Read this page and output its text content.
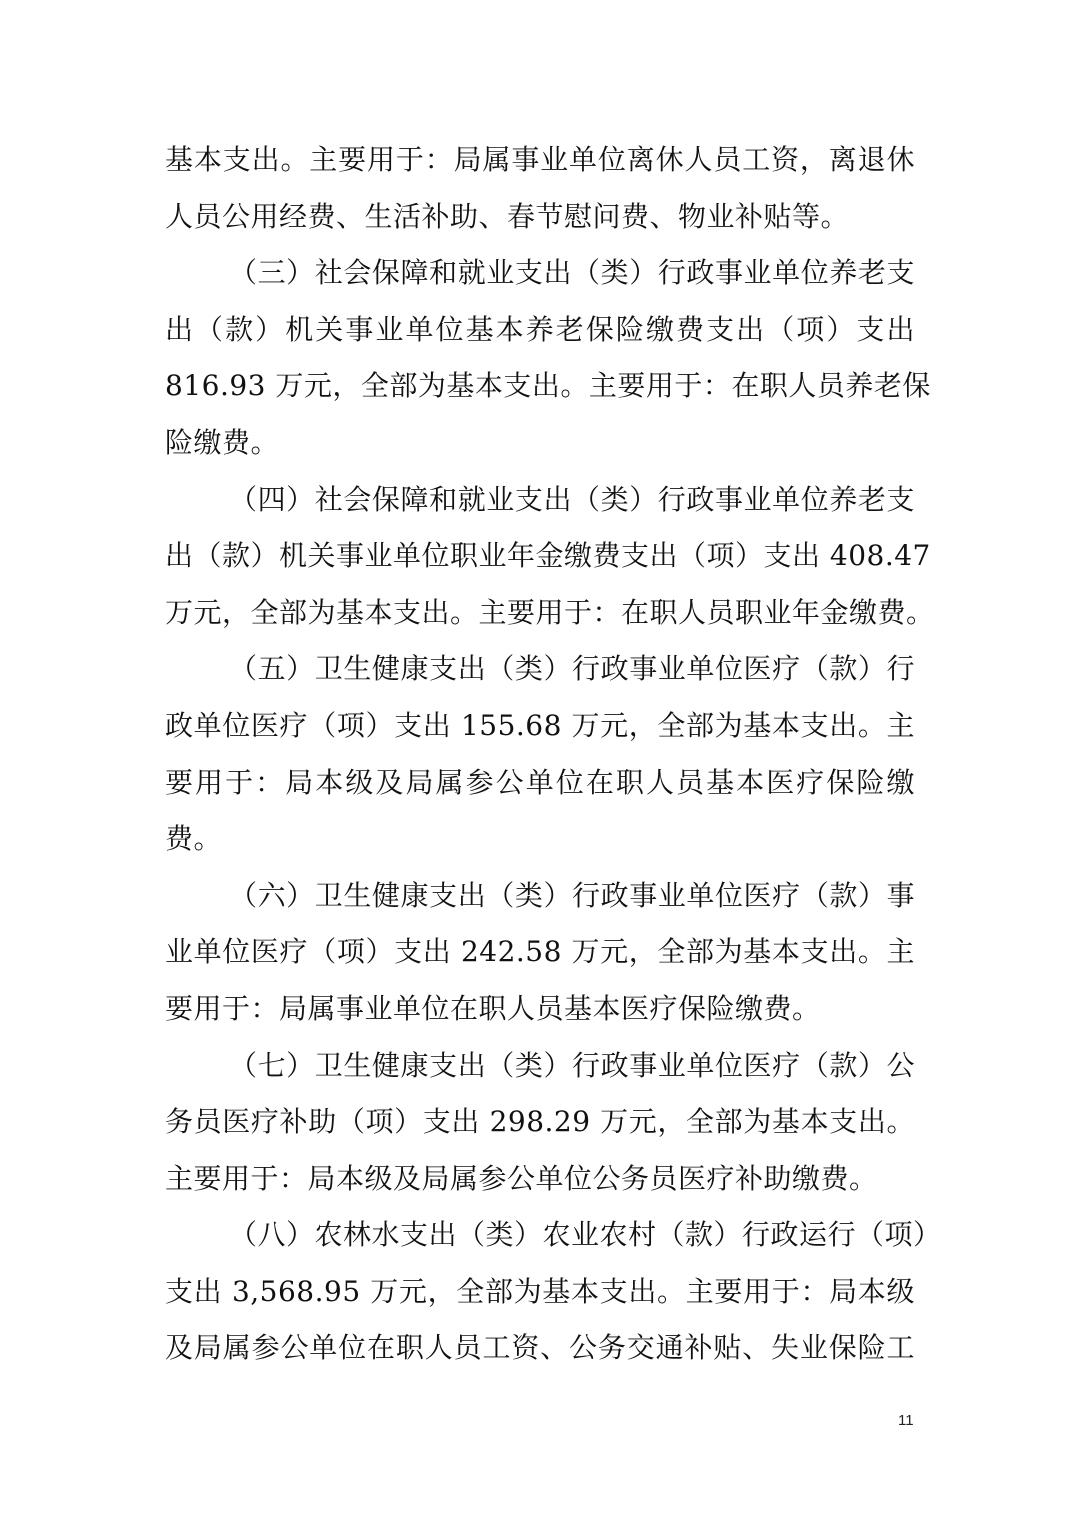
基本支出。主要用于：局属事业单位离休人员工资，离退休
人员公用经费、生活补助、春节慰问费、物业补贴等。
（三）社会保障和就业支出（类）行政事业单位养老支
出（款）机关事业单位基本养老保险缴费支出（项）支出
816.93 万元，全部为基本支出。主要用于：在职人员养老保
险缴费。
（四）社会保障和就业支出（类）行政事业单位养老支
出（款）机关事业单位职业年金缴费支出（项）支出 408.47
万元，全部为基本支出。主要用于：在职人员职业年金缴费。
（五）卫生健康支出（类）行政事业单位医疗（款）行
政单位医疗（项）支出 155.68 万元，全部为基本支出。主
要用于：局本级及局属参公单位在职人员基本医疗保险缴
费。
（六）卫生健康支出（类）行政事业单位医疗（款）事
业单位医疗（项）支出 242.58 万元，全部为基本支出。主
要用于：局属事业单位在职人员基本医疗保险缴费。
（七）卫生健康支出（类）行政事业单位医疗（款）公
务员医疗补助（项）支出 298.29 万元，全部为基本支出。
主要用于：局本级及局属参公单位公务员医疗补助缴费。
（八）农林水支出（类）农业农村（款）行政运行（项）
支出 3,568.95 万元，全部为基本支出。主要用于：局本级
及局属参公单位在职人员工资、公务交通补贴、失业保险工
11
